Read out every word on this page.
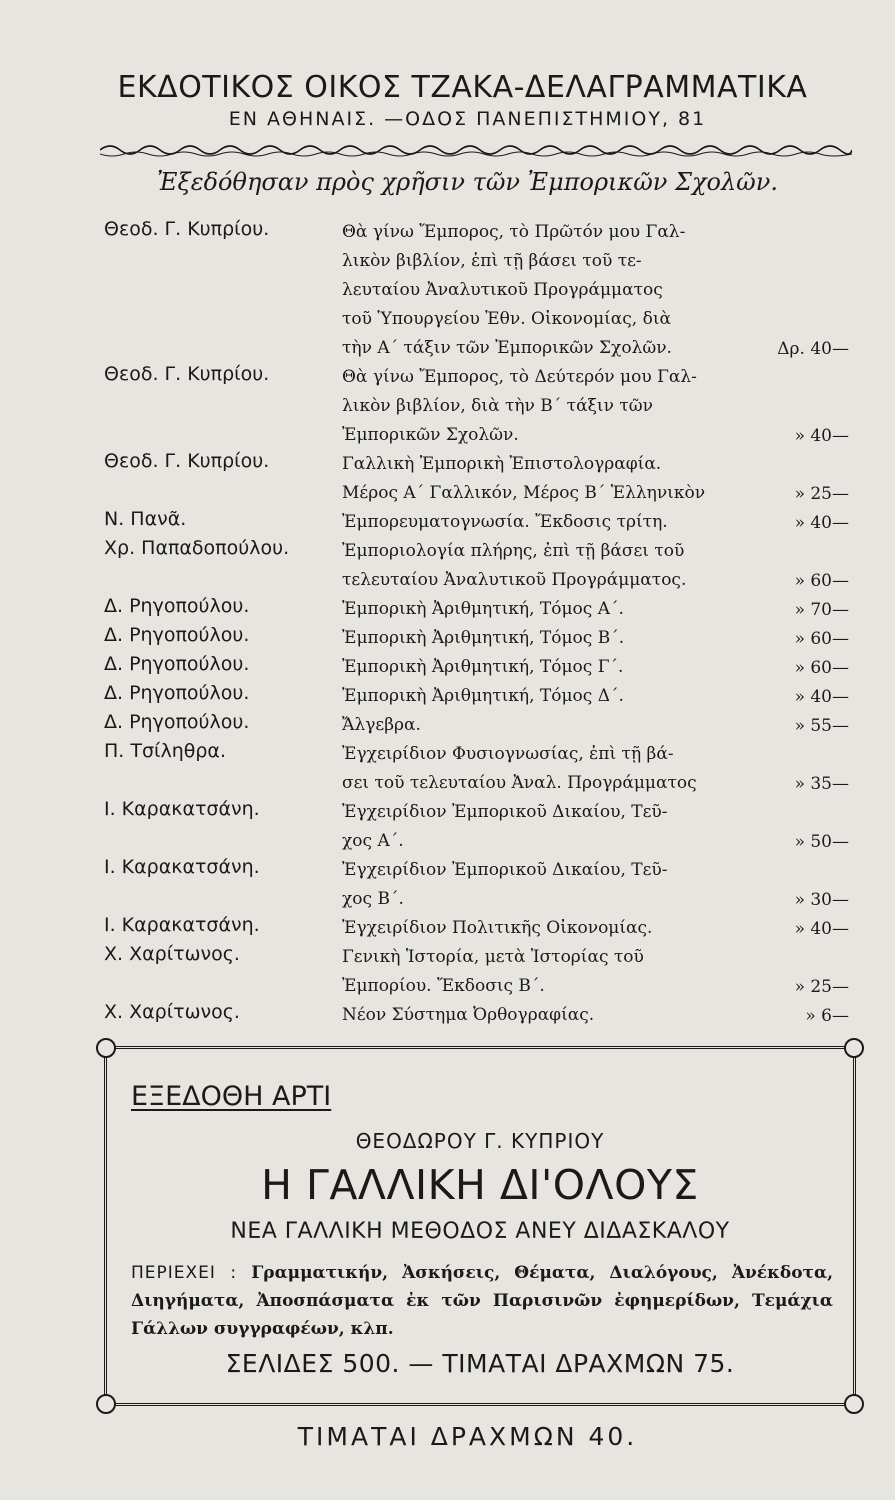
ΕΚΔΟΤΙΚΟΣ ΟΙΚΟΣ ΤΖΑΚΑ-ΔΕΛΑΓΡΑΜΜΑΤΙΚΑ
ΕΝ ΑΘΗΝΑΙΣ. —ΟΔΟΣ ΠΑΝΕΠΙΣΤΗΜΙΟΥ, 81
Ἐξεδόθησαν πρὸς χρῆσιν τῶν Ἐμπορικῶν Σχολῶν.
Θεοδ. Γ. Κυπρίου.	Θὰ γίνω Ἔμπορος, τὸ Πρῶτόν μου Γαλ-
λικὸν βιβλίον, ἐπὶ τῇ βάσει τοῦ τε-
λευταίου Ἀναλυτικοῦ Προγράμματος
τοῦ Ὑπουργείου Ἐθν. Οἰκονομίας, διὰ
τὴν Α΄ τάξιν τῶν Ἐμπορικῶν Σχολῶν.	Δρ. 40—
Θεοδ. Γ. Κυπρίου.	Θὰ γίνω Ἔμπορος, τὸ Δεύτερόν μου Γαλ-
λικὸν βιβλίον, διὰ τὴν Β΄ τάξιν τῶν
Ἐμπορικῶν Σχολῶν.	» 40—
Θεοδ. Γ. Κυπρίου.	Γαλλικὴ Ἐμπορικὴ Ἐπιστολογραφία.
Μέρος Α΄ Γαλλικόν, Μέρος Β΄ Ἑλληνικὸν	» 25—
Ν. Πανᾶ.	Ἐμπορευματογνωσία. Ἔκδοσις τρίτη.	» 40—
Χρ. Παπαδοπούλου.	Ἐμποριολογία πλήρης, ἐπὶ τῇ βάσει τοῦ
τελευταίου Ἀναλυτικοῦ Προγράμματος.	» 60—
Δ. Ρηγοπούλου.	Ἐμπορικὴ Ἀριθμητική, Τόμος Α΄.	» 70—
Δ. Ρηγοπούλου.	Ἐμπορικὴ Ἀριθμητική, Τόμος Β΄.	» 60—
Δ. Ρηγοπούλου.	Ἐμπορικὴ Ἀριθμητική, Τόμος Γ΄.	» 60—
Δ. Ρηγοπούλου.	Ἐμπορικὴ Ἀριθμητική, Τόμος Δ΄.	» 40—
Δ. Ρηγοπούλου.	Ἄλγεβρα.	» 55—
Π. Τσίληθρα.	Ἐγχειρίδιον Φυσιογνωσίας, ἐπὶ τῇ βά-
σει τοῦ τελευταίου Ἀναλ. Προγράμματος	» 35—
Ι. Καρακατσάνη.	Ἐγχειρίδιον Ἐμπορικοῦ Δικαίου, Τεῦ-
χος Α΄.	» 50—
Ι. Καρακατσάνη.	Ἐγχειρίδιον Ἐμπορικοῦ Δικαίου, Τεῦ-
χος Β΄.	» 30—
Ι. Καρακατσάνη.	Ἐγχειρίδιον Πολιτικῆς Οἰκονομίας.	» 40—
Χ. Χαρίτωνος.	Γενικὴ Ἱστορία, μετὰ Ἱστορίας τοῦ
Ἐμπορίου. Ἔκδοσις Β΄.	» 25—
Χ. Χαρίτωνος.	Νέον Σύστημα Ὀρθογραφίας.	» 6—
ΕΞΕΔΟΘΗ ΑΡΤΙ
ΘΕΟΔΩΡΟΥ Γ. ΚΥΠΡΙΟΥ
Η ΓΑΛΛΙΚΗ ΔΙ'ΟΛΟΥΣ
ΝΕΑ ΓΑΛΛΙΚΗ ΜΕΘΟΔΟΣ ΑΝΕΥ ΔΙΔΑΣΚΑΛΟΥ
ΠΕΡΙΕΧΕΙ : Γραμματικήν, Ἀσκήσεις, Θέματα, Διαλόγους, Ἀνέκδοτα, Διηγήματα, Ἀποσπάσματα ἐκ τῶν Παρισινῶν ἐφημερίδων, Τεμάχια Γάλλων συγγραφέων, κλπ.
ΣΕΛΙΔΕΣ 500. — ΤΙΜΑΤΑΙ ΔΡΑΧΜΩΝ 75.
ΤΙΜΑΤΑΙ ΔΡΑΧΜΩΝ 40.
